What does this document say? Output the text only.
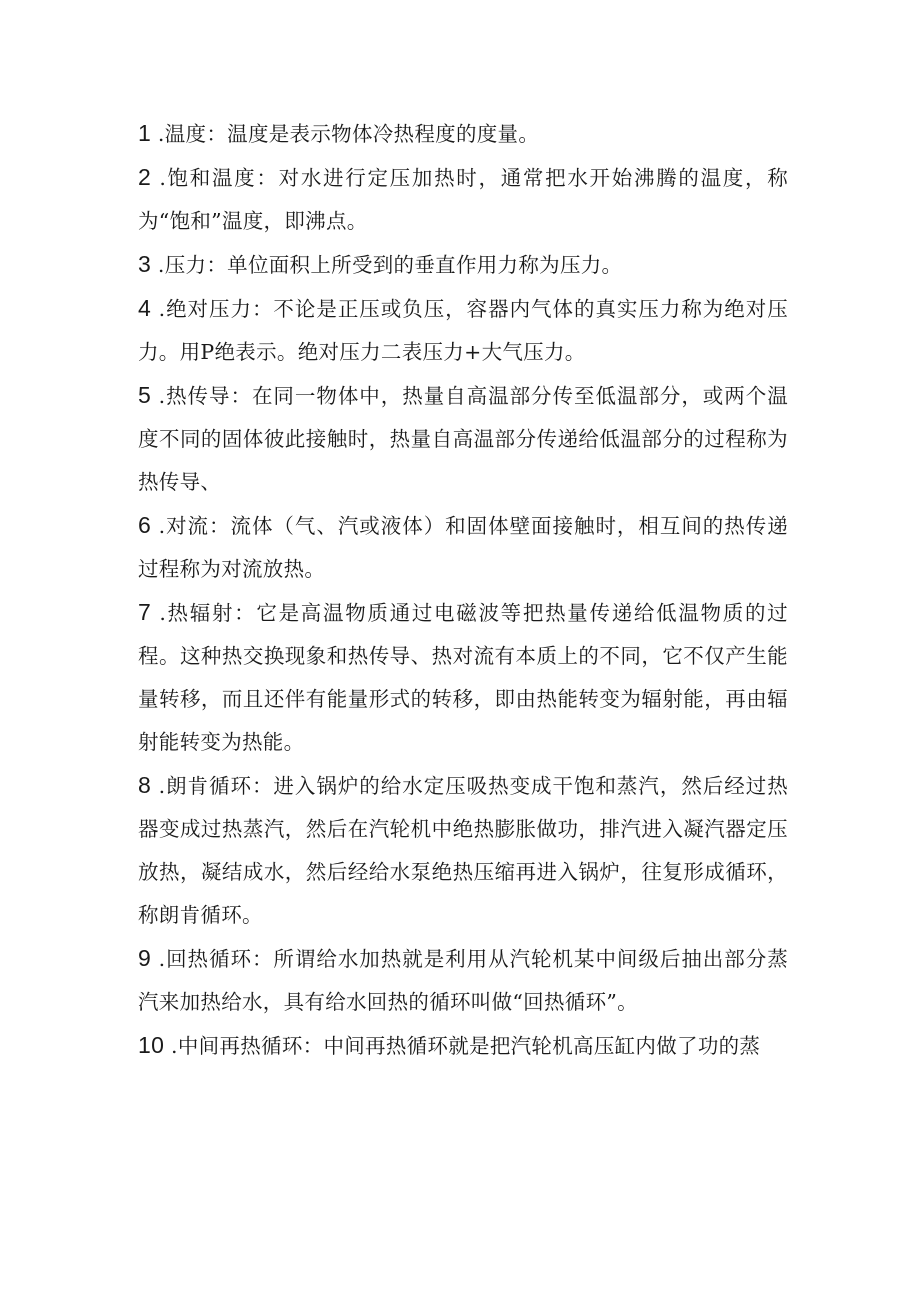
1 .温度：温度是表示物体冷热程度的度量。

2 .饱和温度：对水进行定压加热时，通常把水开始沸腾的温度，称为“饱和”温度，即沸点。

3 .压力：单位面积上所受到的垂直作用力称为压力。

4 .绝对压力：不论是正压或负压，容器内气体的真实压力称为绝对压力。用P绝表示。绝对压力二表压力+大气压力。

5 .热传导：在同一物体中，热量自高温部分传至低温部分，或两个温度不同的固体彼此接触时，热量自高温部分传递给低温部分的过程称为热传导、

6 .对流：流体（气、汽或液体）和固体壁面接触时，相互间的热传递过程称为对流放热。

7 .热辐射：它是高温物质通过电磁波等把热量传递给低温物质的过程。这种热交换现象和热传导、热对流有本质上的不同，它不仅产生能量转移，而且还伴有能量形式的转移，即由热能转变为辐射能，再由辐射能转变为热能。

8 .朗肯循环：进入锅炉的给水定压吸热变成干饱和蒸汽，然后经过热器变成过热蒸汽，然后在汽轮机中绝热膨胀做功，排汽进入凝汽器定压放热，凝结成水，然后经给水泵绝热压缩再进入锅炉，往复形成循环，称朗肯循环。

9 .回热循环：所谓给水加热就是利用从汽轮机某中间级后抽出部分蒸汽来加热给水，具有给水回热的循环叫做“回热循环”。

10 .中间再热循环：中间再热循环就是把汽轮机高压缸内做了功的蒸
